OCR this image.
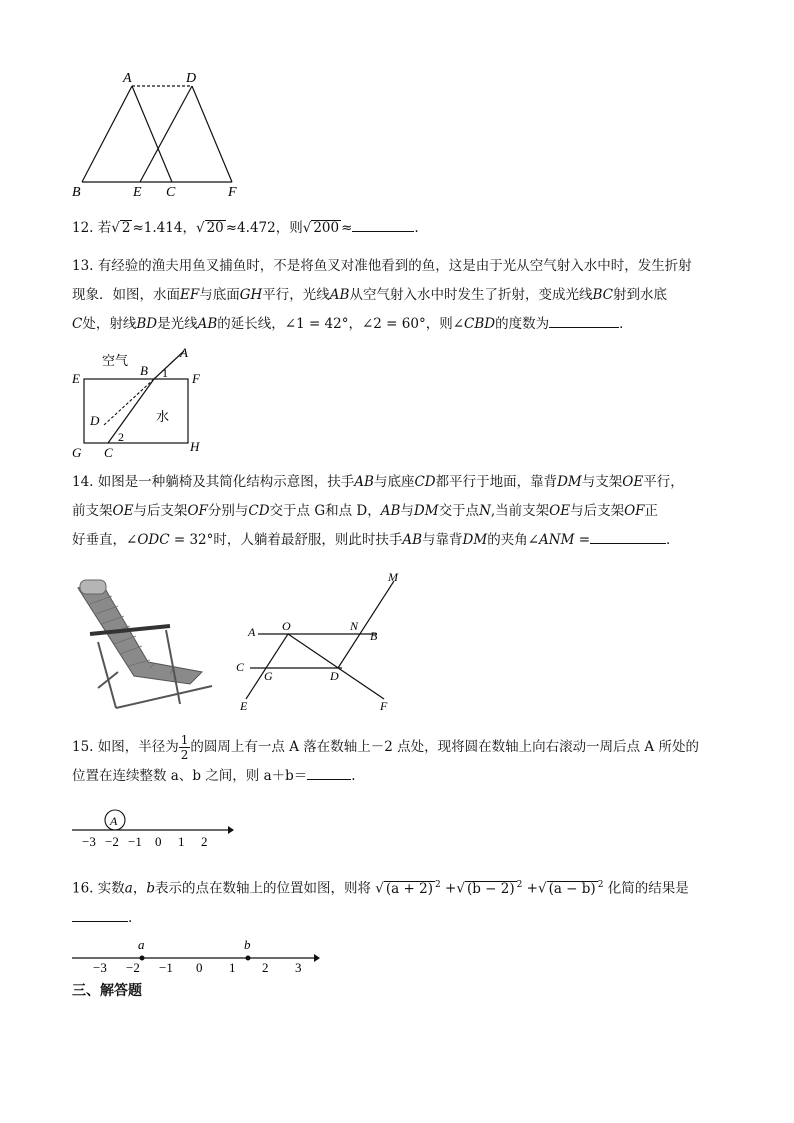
A	D
B	E C	F
12. 若√ 2 ≈1.414，√ 20 ≈4.472，则√ 200 ≈	.
13. 有经验的渔夫用鱼叉捕鱼时，不是将鱼叉对准他看到的鱼，这是由于光从空气射入水中时，发生折射
现象．如图，水面EF与底面GH平行，光线AB从空气射入水中时发生了折射，变成光线BC射到水底
C处，射线BD是光线AB的延长线，∠1 = 42°，∠2 = 60°，则∠CBD的度数为	．
空气
水
A
B 1
E	F
D
2
G C	H
14. 如图是一种躺椅及其简化结构示意图，扶手AB与底座CD都平行于地面，靠背DM与支架OE平行，
前支架OE与后支架OF分别与CD交于点 G和点 D，AB与DM交于点N,当前支架OE与后支架OF正
好垂直，∠ODC = 32°时，人躺着最舒服，则此时扶手AB与靠背DM的夹角∠ANM =	．
M
A O	N
B
C
G	D
E	F
15. 如图，半径为 $\frac{1}{2}$ 的圆周上有一点 A 落在数轴上－2 点处，现将圆在数轴上向右滚动一周后点 A 所处的
位置在连续整数 a、b 之间，则 a＋b＝	.
A
−3 −2 −1 0 1 2
16. 实数a，b表示的点在数轴上的位置如图，则将 √ (a + 2) $^2$ +√ (b − 2) $^2$ +√ (a − b) $^2$ 化简的结果是
.
a	b
−3 −2 −1 0 1 2 3
三、解答题
